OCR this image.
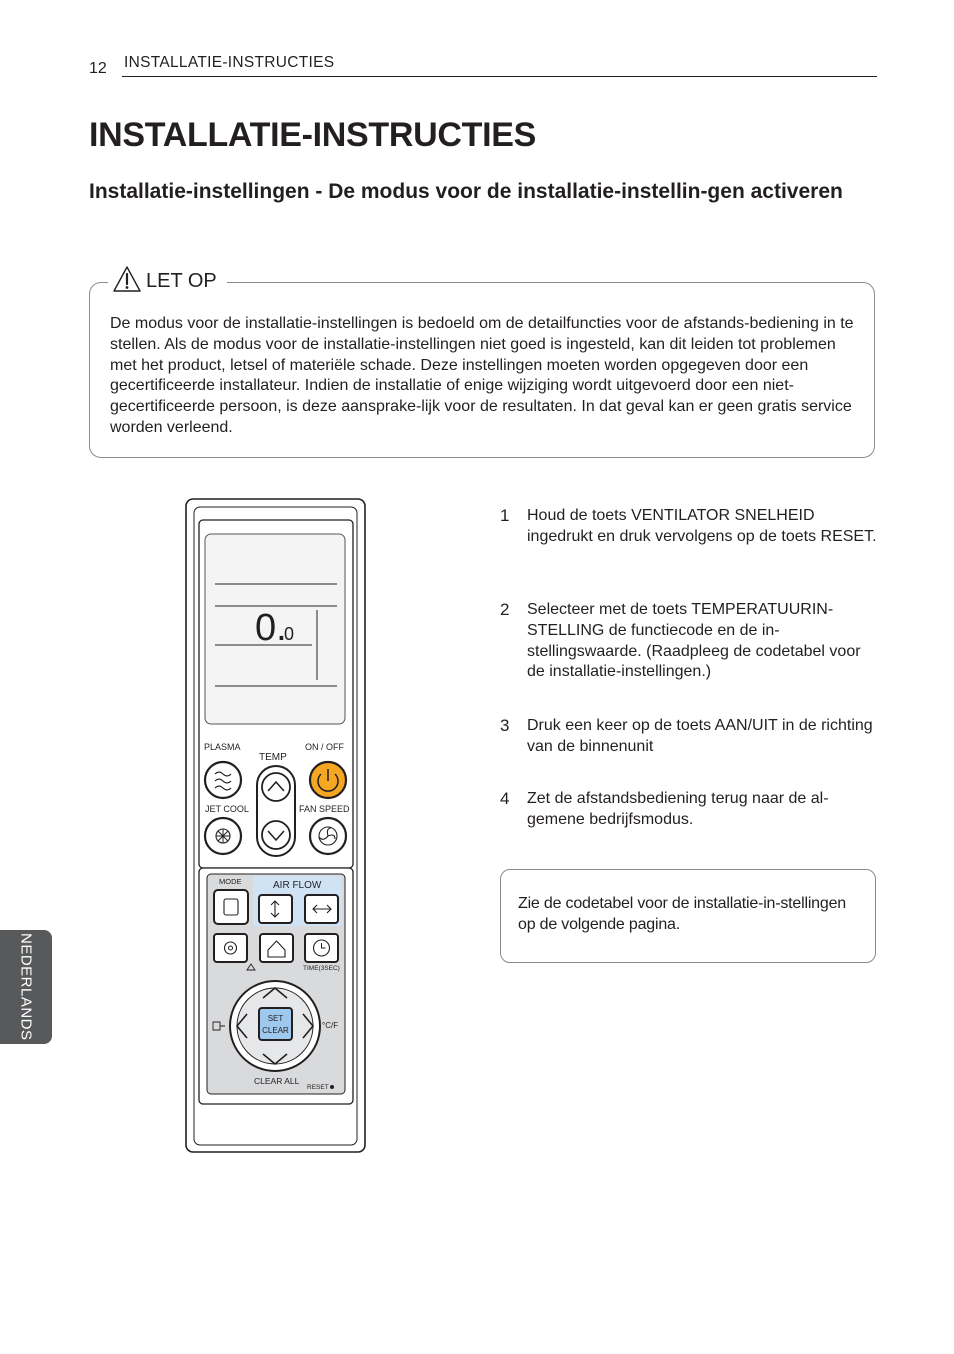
12 INSTALLATIE-INSTRUCTIES
INSTALLATIE-INSTRUCTIES
Installatie-instellingen - De modus voor de installatie-instellin-gen activeren
LET OP
De modus voor de installatie-instellingen is bedoeld om de detailfuncties voor de afstands-bediening in te stellen. Als de modus voor de installatie-instellingen niet goed is ingesteld, kan dit leiden tot problemen met het product, letsel of materiële schade. Deze instellingen moeten worden opgegeven door een gecertificeerde installateur. Indien de installatie of enige wijziging wordt uitgevoerd door een niet-gecertificeerde persoon, is deze aansprake-lijk voor de resultaten. In dat geval kan er geen gratis service worden verleend.
0.
0
PLASMA
TEMP
ON / OFF
JET COOL	FAN SPEED
MODE	AIR FLOW
TIME(3SEC)
SET
CLEAR
°C/F
CLEAR ALL
RESET
1	Houd de toets VENTILATOR SNELHEID ingedrukt en druk vervolgens op de toets RESET.
2	Selecteer met de toets TEMPERATUURIN-STELLING de functiecode en de in-stellingswaarde. (Raadpleeg de codetabel voor de installatie-instellingen.)
3	Druk een keer op de toets AAN/UIT in de richting van de binnenunit
4	Zet de afstandsbediening terug naar de al-gemene bedrijfsmodus.
Zie de codetabel voor de installatie-in-stellingen op de volgende pagina.
NEDERLANDS
